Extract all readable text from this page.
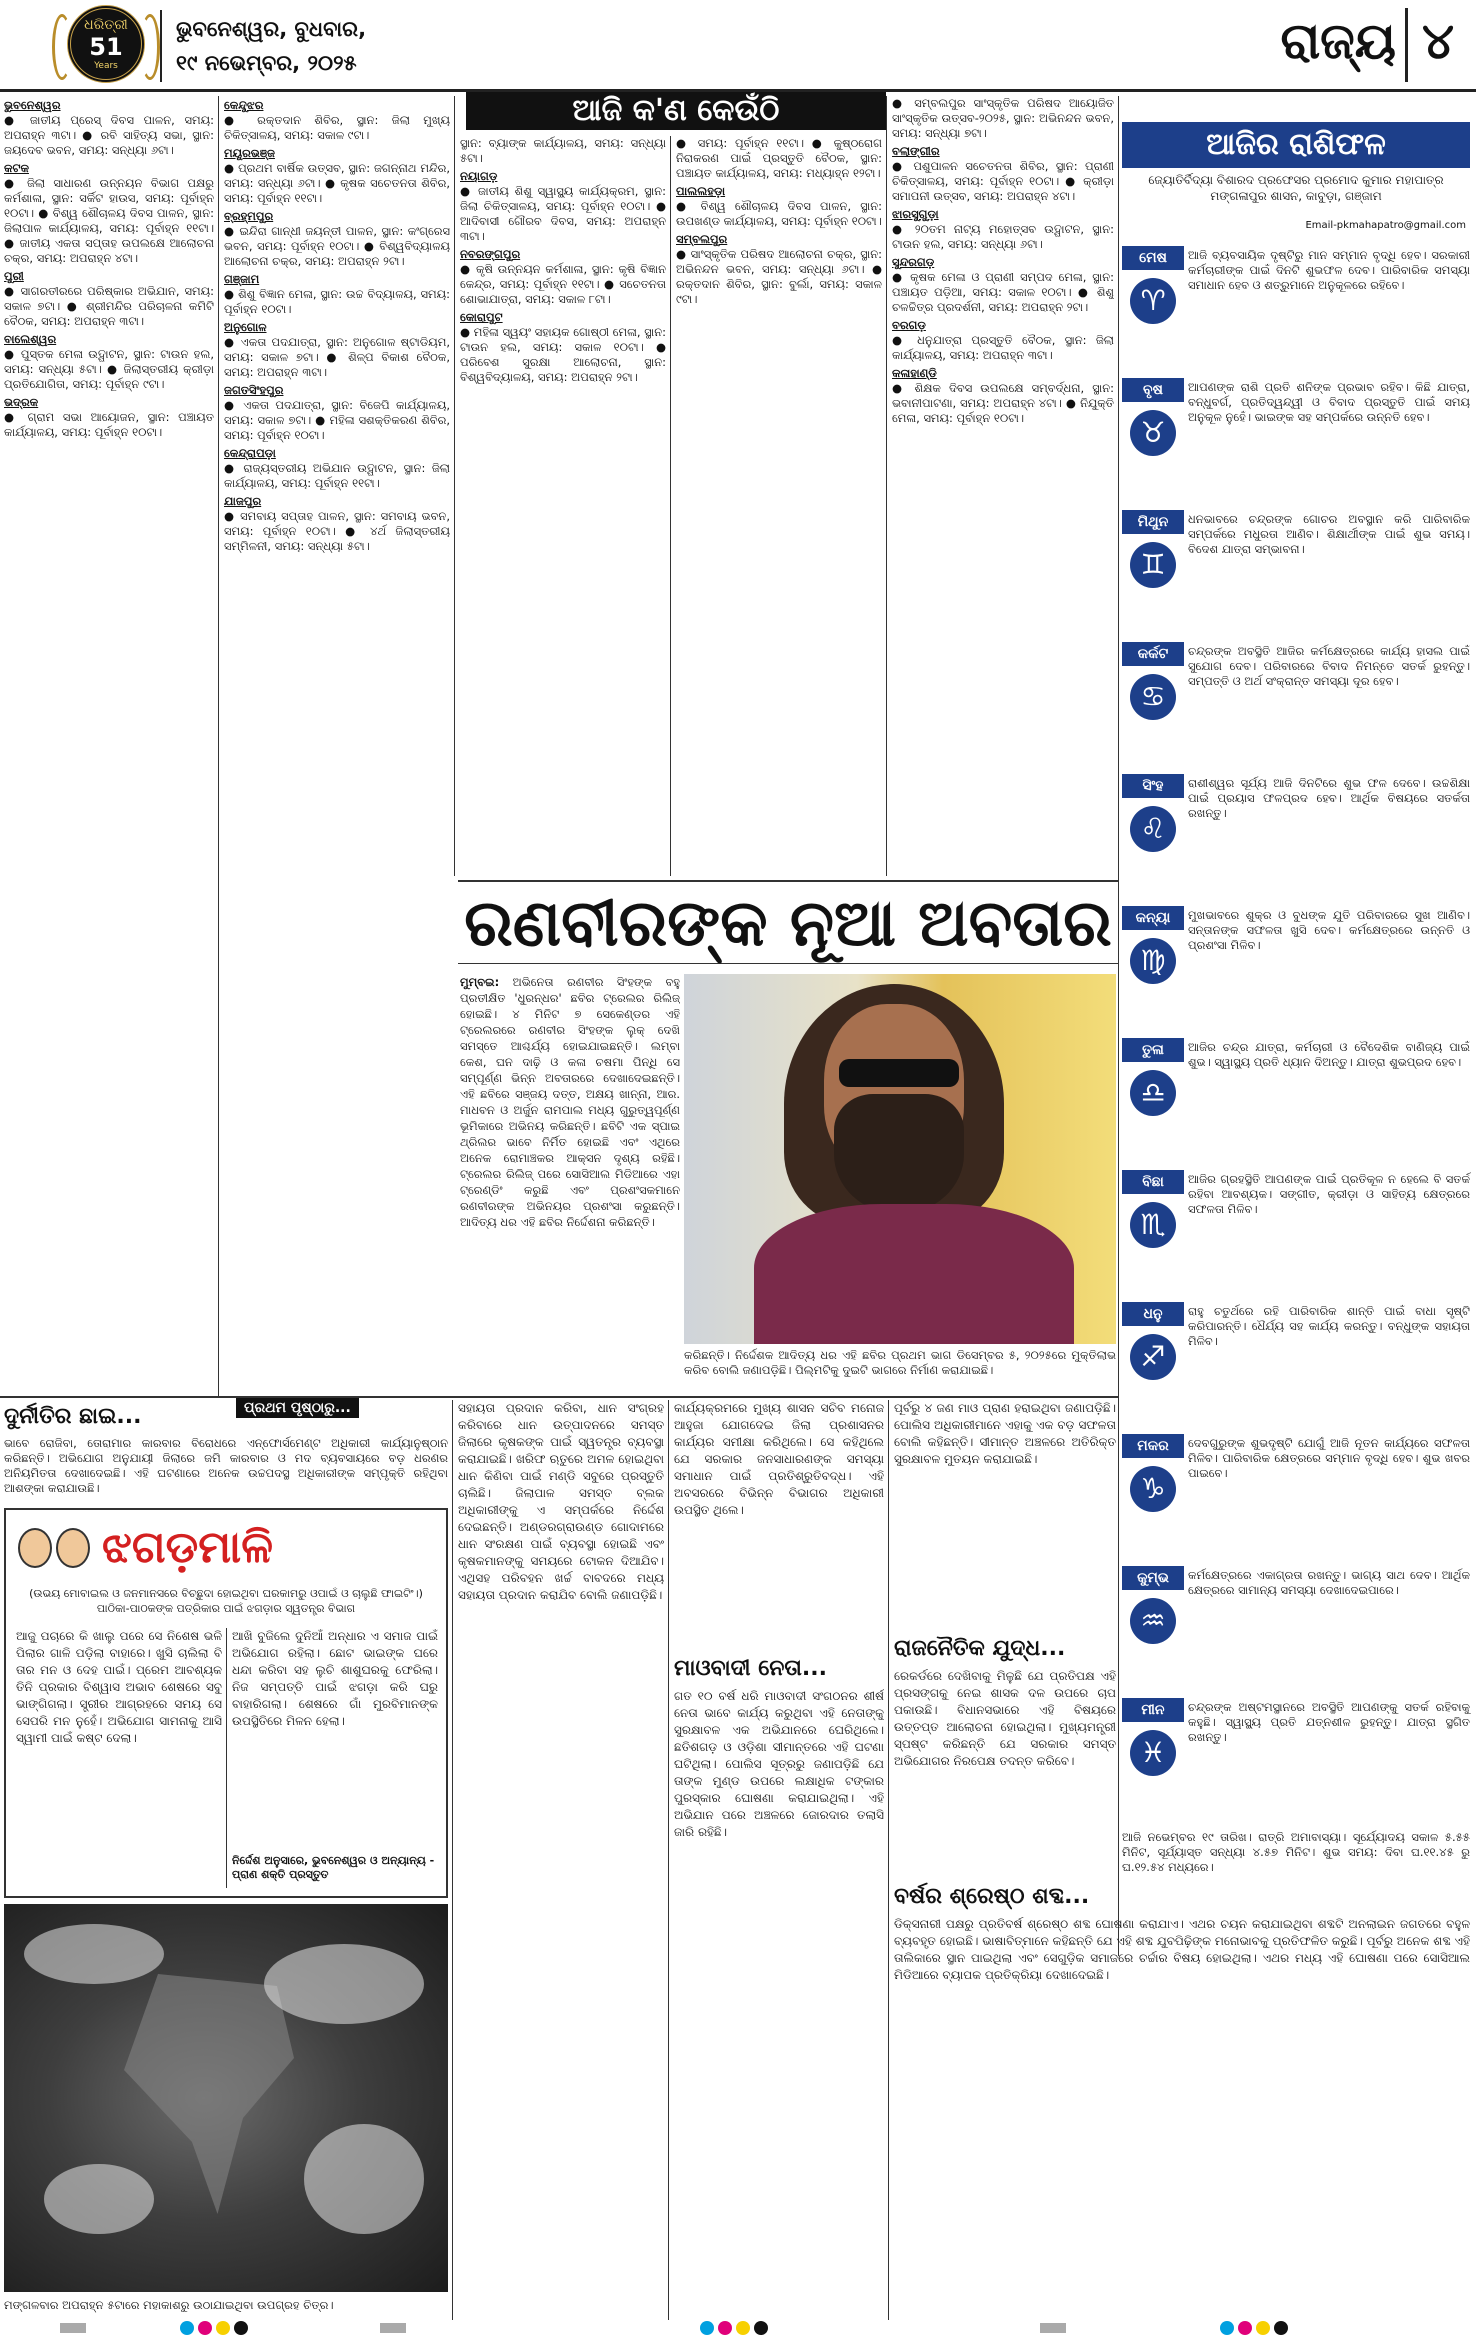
ଧରିତ୍ରୀ
51
Years
ଭୁବନେଶ୍ୱର, ବୁଧବାର,
୧୯ ନଭେମ୍ବର, ୨୦୨୫	ରାଜ୍ୟ ୪
ଆଜି କ'ଣ କେଉଁଠି
ଭୁବନେଶ୍ୱର

● ଜାତୀୟ ପ୍ରେସ୍ ଦିବସ ପାଳନ, ସମୟ: ଅପରାହ୍ନ ୩ଟା। ● ରବି ସାହିତ୍ୟ ସଭା, ସ୍ଥାନ: ଜୟଦେବ ଭବନ, ସମୟ: ସନ୍ଧ୍ୟା ୬ଟା।

କଟକ

● ଜିଲା ସାଧାରଣ ଉନ୍ନୟନ ବିଭାଗ ପକ୍ଷରୁ କର୍ମଶାଳା, ସ୍ଥାନ: ସର୍କିଟ ହାଉସ, ସମୟ: ପୂର୍ବାହ୍ନ ୧୦ଟା। ● ବିଶ୍ୱ ଶୌଚାଳୟ ଦିବସ ପାଳନ, ସ୍ଥାନ: ଜିଲାପାଳ କାର୍ଯ୍ୟାଳୟ, ସମୟ: ପୂର୍ବାହ୍ନ ୧୧ଟା। ● ଜାତୀୟ ଏକତା ସପ୍ତାହ ଉପଲକ୍ଷେ ଆଲୋଚନା ଚକ୍ର, ସମୟ: ଅପରାହ୍ନ ୪ଟା।

ପୁରୀ

● ସାଗରତୀରରେ ପରିଷ୍କାର ଅଭିଯାନ, ସମୟ: ସକାଳ ୭ଟା। ● ଶ୍ରୀମନ୍ଦିର ପରିଚାଳନା କମିଟି ବୈଠକ, ସମୟ: ଅପରାହ୍ନ ୩ଟା।

ବାଲେଶ୍ୱର

● ପୁସ୍ତକ ମେଳା ଉଦ୍ଘାଟନ, ସ୍ଥାନ: ଟାଉନ ହଲ, ସମୟ: ସନ୍ଧ୍ୟା ୫ଟା। ● ଜିଲାସ୍ତରୀୟ କ୍ରୀଡ଼ା ପ୍ରତିଯୋଗିତା, ସମୟ: ପୂର୍ବାହ୍ନ ୯ଟା।

ଭଦ୍ରକ

● ଗ୍ରାମ ସଭା ଆୟୋଜନ, ସ୍ଥାନ: ପଞ୍ଚାୟତ କାର୍ଯ୍ୟାଳୟ, ସମୟ: ପୂର୍ବାହ୍ନ ୧୦ଟା।

କେନ୍ଦୁଝର

● ରକ୍ତଦାନ ଶିବିର, ସ୍ଥାନ: ଜିଲା ମୁଖ୍ୟ ଚିକିତ୍ସାଳୟ, ସମୟ: ସକାଳ ୯ଟା।

ମୟୂରଭଞ୍ଜ

● ପ୍ରଥମ ବାର୍ଷିକ ଉତ୍ସବ, ସ୍ଥାନ: ଜଗନ୍ନାଥ ମନ୍ଦିର, ସମୟ: ସନ୍ଧ୍ୟା ୬ଟା। ● କୃଷକ ସଚେତନତା ଶିବିର, ସମୟ: ପୂର୍ବାହ୍ନ ୧୧ଟା।

ବ୍ରହ୍ମପୁର

● ଇନ୍ଦିରା ଗାନ୍ଧୀ ଜୟନ୍ତୀ ପାଳନ, ସ୍ଥାନ: କଂଗ୍ରେସ ଭବନ, ସମୟ: ପୂର୍ବାହ୍ନ ୧୦ଟା। ● ବିଶ୍ୱବିଦ୍ୟାଳୟ ଆଲୋଚନା ଚକ୍ର, ସମୟ: ଅପରାହ୍ନ ୨ଟା।

ଗଞ୍ଜାମ

● ଶିଶୁ ବିଜ୍ଞାନ ମେଳା, ସ୍ଥାନ: ଉଚ୍ଚ ବିଦ୍ୟାଳୟ, ସମୟ: ପୂର୍ବାହ୍ନ ୧୦ଟା।

ଅନୁଗୋଳ

● ଏକତା ପଦଯାତ୍ରା, ସ୍ଥାନ: ଅନୁଗୋଳ ଷ୍ଟାଡିୟମ, ସମୟ: ସକାଳ ୭ଟା। ● ଶିଳ୍ପ ବିକାଶ ବୈଠକ, ସମୟ: ଅପରାହ୍ନ ୩ଟା।

ଜଗତସିଂହପୁର

● ଏକତା ପଦଯାତ୍ରା, ସ୍ଥାନ: ବିଜେପି କାର୍ଯ୍ୟାଳୟ, ସମୟ: ସକାଳ ୭ଟା। ● ମହିଳା ସଶକ୍ତିକରଣ ଶିବିର, ସମୟ: ପୂର୍ବାହ୍ନ ୧୦ଟା।

କେନ୍ଦ୍ରାପଡ଼ା

● ରାଜ୍ୟସ୍ତରୀୟ ଅଭିଯାନ ଉଦ୍ଘାଟନ, ସ୍ଥାନ: ଜିଲା କାର୍ଯ୍ୟାଳୟ, ସମୟ: ପୂର୍ବାହ୍ନ ୧୧ଟା।

ଯାଜପୁର

● ସମବାୟ ସପ୍ତାହ ପାଳନ, ସ୍ଥାନ: ସମବାୟ ଭବନ, ସମୟ: ପୂର୍ବାହ୍ନ ୧୦ଟା। ● ୪ର୍ଥ ଜିଲାସ୍ତରୀୟ ସମ୍ମିଳନୀ, ସମୟ: ସନ୍ଧ୍ୟା ୫ଟା।

ସ୍ଥାନ: ବ୍ୟାଙ୍କ କାର୍ଯ୍ୟାଳୟ, ସମୟ: ସନ୍ଧ୍ୟା ୫ଟା।

ନୟାଗଡ଼

● ଜାତୀୟ ଶିଶୁ ସ୍ୱାସ୍ଥ୍ୟ କାର୍ଯ୍ୟକ୍ରମ, ସ୍ଥାନ: ଜିଲା ଚିକିତ୍ସାଳୟ, ସମୟ: ପୂର୍ବାହ୍ନ ୧୦ଟା। ● ଆଦିବାସୀ ଗୌରବ ଦିବସ, ସମୟ: ଅପରାହ୍ନ ୩ଟା।

ନବରଙ୍ଗପୁର

● କୃଷି ଉନ୍ନୟନ କର୍ମଶାଳା, ସ୍ଥାନ: କୃଷି ବିଜ୍ଞାନ କେନ୍ଦ୍ର, ସମୟ: ପୂର୍ବାହ୍ନ ୧୧ଟା। ● ସଚେତନତା ଶୋଭାଯାତ୍ରା, ସମୟ: ସକାଳ ୮ଟା।

କୋରାପୁଟ

● ମହିଳା ସ୍ୱୟଂ ସହାୟକ ଗୋଷ୍ଠୀ ମେଳା, ସ୍ଥାନ: ଟାଉନ ହଲ, ସମୟ: ସକାଳ ୧୦ଟା। ● ପରିବେଶ ସୁରକ୍ଷା ଆଲୋଚନା, ସ୍ଥାନ: ବିଶ୍ୱବିଦ୍ୟାଳୟ, ସମୟ: ଅପରାହ୍ନ ୨ଟା।

● ସମୟ: ପୂର୍ବାହ୍ନ ୧୧ଟା। ● କୁଷ୍ଠରୋଗ ନିରାକରଣ ପାଇଁ ପ୍ରସ୍ତୁତି ବୈଠକ, ସ୍ଥାନ: ପଞ୍ଚାୟତ କାର୍ଯ୍ୟାଳୟ, ସମୟ: ମଧ୍ୟାହ୍ନ ୧୨ଟା।

ପାଲଲହଡ଼ା

● ବିଶ୍ୱ ଶୌଚାଳୟ ଦିବସ ପାଳନ, ସ୍ଥାନ: ଉପଖଣ୍ଡ କାର୍ଯ୍ୟାଳୟ, ସମୟ: ପୂର୍ବାହ୍ନ ୧୦ଟା।

ସମ୍ବଲପୁର

● ସାଂସ୍କୃତିକ ପରିଷଦ ଆଲୋଚନା ଚକ୍ର, ସ୍ଥାନ: ଅଭିନନ୍ଦନ ଭବନ, ସମୟ: ସନ୍ଧ୍ୟା ୬ଟା। ● ରକ୍ତଦାନ ଶିବିର, ସ୍ଥାନ: ବୁର୍ଲା, ସମୟ: ସକାଳ ୯ଟା।

● ସମ୍ବଲପୁର ସାଂସ୍କୃତିକ ପରିଷଦ ଆୟୋଜିତ ସାଂସ୍କୃତିକ ଉତ୍ସବ-୨୦୨୫, ସ୍ଥାନ: ଅଭିନନ୍ଦନ ଭବନ, ସମୟ: ସନ୍ଧ୍ୟା ୭ଟା।

ବଲାଙ୍ଗୀର

● ପଶୁପାଳନ ସଚେତନତା ଶିବିର, ସ୍ଥାନ: ପ୍ରାଣୀ ଚିକିତ୍ସାଳୟ, ସମୟ: ପୂର୍ବାହ୍ନ ୧୦ଟା। ● କ୍ରୀଡ଼ା ସମାପନୀ ଉତ୍ସବ, ସମୟ: ଅପରାହ୍ନ ୪ଟା।

ଝାରସୁଗୁଡ଼ା

● ୨୦ତମ ନାଟ୍ୟ ମହୋତ୍ସବ ଉଦ୍ଘାଟନ, ସ୍ଥାନ: ଟାଉନ ହଲ, ସମୟ: ସନ୍ଧ୍ୟା ୬ଟା।

ସୁନ୍ଦରଗଡ଼

● କୃଷକ ମେଳା ଓ ପ୍ରାଣୀ ସମ୍ପଦ ମେଳା, ସ୍ଥାନ: ପଞ୍ଚାୟତ ପଡ଼ିଆ, ସମୟ: ସକାଳ ୧୦ଟା। ● ଶିଶୁ ଚଳଚ୍ଚିତ୍ର ପ୍ରଦର୍ଶନୀ, ସମୟ: ଅପରାହ୍ନ ୨ଟା।

ବରଗଡ଼

● ଧନୁଯାତ୍ରା ପ୍ରସ୍ତୁତି ବୈଠକ, ସ୍ଥାନ: ଜିଲା କାର୍ଯ୍ୟାଳୟ, ସମୟ: ଅପରାହ୍ନ ୩ଟା।

କଳାହାଣ୍ଡି

● ଶିକ୍ଷକ ଦିବସ ଉପଲକ୍ଷେ ସମ୍ବର୍ଦ୍ଧନା, ସ୍ଥାନ: ଭବାନୀପାଟଣା, ସମୟ: ଅପରାହ୍ନ ୪ଟା। ● ନିଯୁକ୍ତି ମେଳା, ସମୟ: ପୂର୍ବାହ୍ନ ୧୦ଟା।

ଆଜିର ରାଶିଫଳ
ଜ୍ୟୋତିର୍ବିଦ୍ୟା ବିଶାରଦ ପ୍ରଫେସର ପ୍ରମୋଦ କୁମାର ମହାପାତ୍ର
ମଙ୍ଗଳାପୁର ଶାସନ, କାବୁଡ଼ା, ଗଞ୍ଜାମ
Email-pkmahapatro@gmail.com
ମେଷ
♈
ଆଜି ବ୍ୟବସାୟିକ ଦୃଷ୍ଟିରୁ ମାନ ସମ୍ମାନ ବୃଦ୍ଧି ହେବ। ସରକାରୀ କର୍ମଚାରୀଙ୍କ ପାଇଁ ଦିନଟି ଶୁଭଫଳ ଦେବ। ପାରିବାରିକ ସମସ୍ୟା ସମାଧାନ ହେବ ଓ ଶତ୍ରୁମାନେ ଅନୁକୂଳରେ ରହିବେ।
ବୃଷ
♉
ଆପଣଙ୍କ ରାଶି ପ୍ରତି ଶନିଙ୍କ ପ୍ରଭାବ ରହିବ। କିଛି ଯାତ୍ରା, ବନ୍ଧୁବର୍ଗ, ପ୍ରତିଦ୍ୱନ୍ଦ୍ୱୀ ଓ ବିବାଦ ପ୍ରସ୍ତୁତି ପାଇଁ ସମୟ ଅନୁକୂଳ ନୁହେଁ। ଭାଇଙ୍କ ସହ ସମ୍ପର୍କରେ ଉନ୍ନତି ହେବ।
ମିଥୁନ
♊
ଧନଭାବରେ ଚନ୍ଦ୍ରଙ୍କ ଗୋଚର ଅବସ୍ଥାନ କରି ପାରିବାରିକ ସମ୍ପର୍କରେ ମଧୁରତା ଆଣିବ। ଶିକ୍ଷାର୍ଥୀଙ୍କ ପାଇଁ ଶୁଭ ସମୟ। ବିଦେଶ ଯାତ୍ରା ସମ୍ଭାବନା।
କର୍କଟ
♋
ଚନ୍ଦ୍ରଙ୍କ ଅବସ୍ଥିତି ଆଜିର କର୍ମକ୍ଷେତ୍ରରେ କାର୍ଯ୍ୟ ହାସଲ ପାଇଁ ସୁଯୋଗ ଦେବ। ପରିବାରରେ ବିବାଦ ନିମନ୍ତେ ସତର୍କ ରୁହନ୍ତୁ। ସମ୍ପତ୍ତି ଓ ଅର୍ଥ ସଂକ୍ରାନ୍ତ ସମସ୍ୟା ଦୂର ହେବ।
ସିଂହ
♌
ରାଶୀଶ୍ୱର ସୂର୍ଯ୍ୟ ଆଜି ଦିନଟିରେ ଶୁଭ ଫଳ ଦେବେ। ଉଚ୍ଚଶିକ୍ଷା ପାଇଁ ପ୍ରୟାସ ଫଳପ୍ରଦ ହେବ। ଆର୍ଥିକ ବିଷୟରେ ସତର୍କତା ରଖନ୍ତୁ।
କନ୍ୟା
♍
ମୁଖଭାବରେ ଶୁକ୍ର ଓ ବୁଧଙ୍କ ଯୁତି ପରିବାରରେ ସୁଖ ଆଣିବ। ସନ୍ତାନଙ୍କ ସଫଳତା ଖୁସି ଦେବ। କର୍ମକ୍ଷେତ୍ରରେ ଉନ୍ନତି ଓ ପ୍ରଶଂସା ମିଳିବ।
ତୁଳା
♎
ଆଜିର ଚନ୍ଦ୍ର ଯାତ୍ରା, କର୍ମଚାରୀ ଓ ବୈଦେଶିକ ବାଣିଜ୍ୟ ପାଇଁ ଶୁଭ। ସ୍ୱାସ୍ଥ୍ୟ ପ୍ରତି ଧ୍ୟାନ ଦିଅନ୍ତୁ। ଯାତ୍ରା ଶୁଭପ୍ରଦ ହେବ।
ବିଛା
♏
ଆଜିର ଗ୍ରହସ୍ଥିତି ଆପଣଙ୍କ ପାଇଁ ପ୍ରତିକୂଳ ନ ହେଲେ ବି ସତର୍କ ରହିବା ଆବଶ୍ୟକ। ସଙ୍ଗୀତ, କ୍ରୀଡ଼ା ଓ ସାହିତ୍ୟ କ୍ଷେତ୍ରରେ ସଫଳତା ମିଳିବ।
ଧନୁ
♐
ରାହୁ ଚତୁର୍ଥରେ ରହି ପାରିବାରିକ ଶାନ୍ତି ପାଇଁ ବାଧା ସୃଷ୍ଟି କରିପାରନ୍ତି। ଧୈର୍ଯ୍ୟ ସହ କାର୍ଯ୍ୟ କରନ୍ତୁ। ବନ୍ଧୁଙ୍କ ସହାୟତା ମିଳିବ।
ମକର
♑
ଦେବଗୁରୁଙ୍କ ଶୁଭଦୃଷ୍ଟି ଯୋଗୁଁ ଆଜି ନୂତନ କାର୍ଯ୍ୟରେ ସଫଳତା ମିଳିବ। ପାରିବାରିକ କ୍ଷେତ୍ରରେ ସମ୍ମାନ ବୃଦ୍ଧି ହେବ। ଶୁଭ ଖବର ପାଇବେ।
କୁମ୍ଭ
♒
କର୍ମକ୍ଷେତ୍ରରେ ଏକାଗ୍ରତା ରଖନ୍ତୁ। ଭାଗ୍ୟ ସାଥ ଦେବ। ଆର୍ଥିକ କ୍ଷେତ୍ରରେ ସାମାନ୍ୟ ସମସ୍ୟା ଦେଖାଦେଇପାରେ।
ମୀନ
♓
ଚନ୍ଦ୍ରଙ୍କ ଅଷ୍ଟମସ୍ଥାନରେ ଅବସ୍ଥିତି ଆପଣଙ୍କୁ ସତର୍କ ରହିବାକୁ କହୁଛି। ସ୍ୱାସ୍ଥ୍ୟ ପ୍ରତି ଯତ୍ନଶୀଳ ରୁହନ୍ତୁ। ଯାତ୍ରା ସ୍ଥଗିତ ରଖନ୍ତୁ।
ଆଜି ନଭେମ୍ବର ୧୯ ତାରିଖ। ରାତ୍ରି ଅମାବାସ୍ୟା। ସୂର୍ଯ୍ୟୋଦୟ ସକାଳ ୫.୫୫ ମିନିଟ, ସୂର୍ଯ୍ୟାସ୍ତ ସନ୍ଧ୍ୟା ୪.୫୭ ମିନିଟ। ଶୁଭ ସମୟ: ଦିବା ଘ.୧୧.୪୫ ରୁ ଘ.୧୨.୫୪ ମଧ୍ୟରେ।
ରଣବୀରଙ୍କ ନୂଆ ଅବତାର
ମୁମ୍ବଇ: ଅଭିନେତା ରଣବୀର ସିଂହଙ୍କ ବହୁ ପ୍ରତୀକ୍ଷିତ 'ଧୁରନ୍ଧର' ଛବିର ଟ୍ରେଲର ରିଲିଜ୍ ହୋଇଛି। ୪ ମିନିଟ ୭ ସେକେଣ୍ଡର ଏହି ଟ୍ରେଲରରେ ରଣବୀର ସିଂହଙ୍କ ଲୁକ୍ ଦେଖି ସମସ୍ତେ ଆଶ୍ଚର୍ଯ୍ୟ ହୋଇଯାଇଛନ୍ତି। ଲମ୍ବା କେଶ, ଘନ ଦାଢ଼ି ଓ କଳା ଚଷମା ପିନ୍ଧି ସେ ସମ୍ପୂର୍ଣ୍ଣ ଭିନ୍ନ ଅବତାରରେ ଦେଖାଦେଇଛନ୍ତି। ଏହି ଛବିରେ ସଞ୍ଜୟ ଦତ୍ତ, ଅକ୍ଷୟ ଖାନ୍ନା, ଆର. ମାଧବନ ଓ ଅର୍ଜୁନ ରାମପାଲ ମଧ୍ୟ ଗୁରୁତ୍ୱପୂର୍ଣ୍ଣ ଭୂମିକାରେ ଅଭିନୟ କରିଛନ୍ତି। ଛବିଟି ଏକ ସ୍ପାଇ ଥ୍ରିଲର ଭାବେ ନିର୍ମିତ ହୋଇଛି ଏବଂ ଏଥିରେ ଅନେକ ରୋମାଞ୍ଚକର ଆକ୍ସନ ଦୃଶ୍ୟ ରହିଛି। ଟ୍ରେଲର ରିଲିଜ୍ ପରେ ସୋସିଆଲ ମିଡିଆରେ ଏହା ଟ୍ରେଣ୍ଡିଂ କରୁଛି ଏବଂ ପ୍ରଶଂସକମାନେ ରଣବୀରଙ୍କ ଅଭିନୟର ପ୍ରଶଂସା କରୁଛନ୍ତି। ଆଦିତ୍ୟ ଧର ଏହି ଛବିର ନିର୍ଦ୍ଦେଶନା କରିଛନ୍ତି।
କରିଛନ୍ତି। ନିର୍ଦ୍ଦେଶକ ଆଦିତ୍ୟ ଧର ଏହି ଛବିର ପ୍ରଥମ ଭାଗ ଡିସେମ୍ବର ୫, ୨୦୨୫ରେ ମୁକ୍ତିଲାଭ କରିବ ବୋଲି ଜଣାପଡ଼ିଛି। ପିଲ୍ମଟିକୁ ଦୁଇଟି ଭାଗରେ ନିର୍ମାଣ କରାଯାଇଛି।
ଦୁର୍ନୀତିର ଛାଇ...	ପ୍ରଥମ ପୃଷ୍ଠାରୁ...
ଭାବେ ରୋଜିବା, ତୋରାମାର କାରବାର ବିରୋଧରେ ଏନ୍ଫୋର୍ସମେଣ୍ଟ ଅଧିକାରୀ କାର୍ଯ୍ୟାନୁଷ୍ଠାନ କରିଛନ୍ତି। ଅଭିଯୋଗ ଅନୁଯାୟୀ ଜିଲାରେ ଜମି କାରବାର ଓ ମଦ ବ୍ୟବସାୟରେ ବଡ଼ ଧରଣର ଅନିୟମିତତା ଦେଖାଦେଇଛି। ଏହି ଘଟଣାରେ ଅନେକ ଉଚ୍ଚପଦସ୍ଥ ଅଧିକାରୀଙ୍କ ସମ୍ପୃକ୍ତି ରହିଥିବା ଆଶଙ୍କା କରାଯାଉଛି।
ସହାୟତା ପ୍ରଦାନ କରିବା, ଧାନ ସଂଗ୍ରହ କରିବାରେ ଧାନ ଉତ୍ପାଦନରେ ସମସ୍ତ ଜିଲାରେ କୃଷକଙ୍କ ପାଇଁ ସ୍ୱତନ୍ତ୍ର ବ୍ୟବସ୍ଥା କରାଯାଇଛି। ଖରିଫ ଋତୁରେ ଅମଳ ହୋଇଥିବା ଧାନ କିଣିବା ପାଇଁ ମଣ୍ଡି ସବୁରେ ପ୍ରସ୍ତୁତି ଚାଲିଛି। ଜିଲାପାଳ ସମସ୍ତ ବ୍ଲକ ଅଧିକାରୀଙ୍କୁ ଏ ସମ୍ପର୍କରେ ନିର୍ଦ୍ଦେଶ ଦେଇଛନ୍ତି। ଅଣ୍ଡରଗ୍ରାଉଣ୍ଡ ଗୋଦାମରେ ଧାନ ସଂରକ୍ଷଣ ପାଇଁ ବ୍ୟବସ୍ଥା ହୋଇଛି ଏବଂ କୃଷକମାନଙ୍କୁ ସମୟରେ ଟୋକନ ଦିଆଯିବ। ଏଥିସହ ପରିବହନ ଖର୍ଚ୍ଚ ବାବଦରେ ମଧ୍ୟ ସହାୟତା ପ୍ରଦାନ କରାଯିବ ବୋଲି ଜଣାପଡ଼ିଛି।
କାର୍ଯ୍ୟକ୍ରମରେ ମୁଖ୍ୟ ଶାସନ ସଚିବ ମନୋଜ ଆହୁଜା ଯୋଗଦେଇ ଜିଲା ପ୍ରଶାସନର କାର୍ଯ୍ୟର ସମୀକ୍ଷା କରିଥିଲେ। ସେ କହିଥିଲେ ଯେ ସରକାର ଜନସାଧାରଣଙ୍କ ସମସ୍ୟା ସମାଧାନ ପାଇଁ ପ୍ରତିଶ୍ରୁତିବଦ୍ଧ। ଏହି ଅବସରରେ ବିଭିନ୍ନ ବିଭାଗର ଅଧିକାରୀ ଉପସ୍ଥିତ ଥିଲେ।
ମାଓବାଦୀ ନେତା...
ଗତ ୧୦ ବର୍ଷ ଧରି ମାଓବାଦୀ ସଂଗଠନର ଶୀର୍ଷ ନେତା ଭାବେ କାର୍ଯ୍ୟ କରୁଥିବା ଏହି ନେତାଙ୍କୁ ସୁରକ୍ଷାବଳ ଏକ ଅଭିଯାନରେ ଘେରିଥିଲେ। ଛତିଶଗଡ଼ ଓ ଓଡ଼ିଶା ସୀମାନ୍ତରେ ଏହି ଘଟଣା ଘଟିଥିଲା। ପୋଲିସ ସୂତ୍ରରୁ ଜଣାପଡ଼ିଛି ଯେ ତାଙ୍କ ମୁଣ୍ଡ ଉପରେ ଲକ୍ଷାଧିକ ଟଙ୍କାର ପୁରସ୍କାର ଘୋଷଣା କରାଯାଇଥିଲା। ଏହି ଅଭିଯାନ ପରେ ଅଞ୍ଚଳରେ ଜୋରଦାର ତଲାସି ଜାରି ରହିଛି।
ପୂର୍ବରୁ ୪ ଜଣ ମାଓ ପ୍ରାଣ ହରାଇଥିବା ଜଣାପଡ଼ିଛି। ପୋଲିସ ଅଧିକାରୀମାନେ ଏହାକୁ ଏକ ବଡ଼ ସଫଳତା ବୋଲି କହିଛନ୍ତି। ସୀମାନ୍ତ ଅଞ୍ଚଳରେ ଅତିରିକ୍ତ ସୁରକ୍ଷାବଳ ମୁତୟନ କରାଯାଇଛି।
ରାଜନୈତିକ ଯୁଦ୍ଧ...
ରେକର୍ଡରେ ଦେଖିବାକୁ ମିଳୁଛି ଯେ ପ୍ରତିପକ୍ଷ ଏହି ପ୍ରସଙ୍ଗକୁ ନେଇ ଶାସକ ଦଳ ଉପରେ ଚାପ ପକାଉଛି। ବିଧାନସଭାରେ ଏହି ବିଷୟରେ ଉତ୍ତପ୍ତ ଆଲୋଚନା ହୋଇଥିଲା। ମୁଖ୍ୟମନ୍ତ୍ରୀ ସ୍ପଷ୍ଟ କରିଛନ୍ତି ଯେ ସରକାର ସମସ୍ତ ଅଭିଯୋଗର ନିରପେକ୍ଷ ତଦନ୍ତ କରିବେ।
ବର୍ଷର ଶ୍ରେଷ୍ଠ ଶବ୍ଦ...
ଡିକ୍ସନାରୀ ପକ୍ଷରୁ ପ୍ରତିବର୍ଷ ଶ୍ରେଷ୍ଠ ଶବ୍ଦ ଘୋଷଣା କରାଯାଏ। ଏଥର ଚୟନ କରାଯାଇଥିବା ଶବ୍ଦଟି ଅନଲାଇନ ଜଗତରେ ବହୁଳ ବ୍ୟବହୃତ ହୋଇଛି। ଭାଷାବିତ୍ମାନେ କହିଛନ୍ତି ଯେ ଏହି ଶବ୍ଦ ଯୁବପିଢ଼ିଙ୍କ ମନୋଭାବକୁ ପ୍ରତିଫଳିତ କରୁଛି। ପୂର୍ବରୁ ଅନେକ ଶବ୍ଦ ଏହି ତାଲିକାରେ ସ୍ଥାନ ପାଇଥିଲା ଏବଂ ସେଗୁଡ଼ିକ ସମାଜରେ ଚର୍ଚ୍ଚାର ବିଷୟ ହୋଇଥିଲା। ଏଥର ମଧ୍ୟ ଏହି ଘୋଷଣା ପରେ ସୋସିଆଲ ମିଡିଆରେ ବ୍ୟାପକ ପ୍ରତିକ୍ରିୟା ଦେଖାଦେଇଛି।
ଝଗଡ଼ମାଳି
(ଉଭୟ ମୋବାଇଲ ଓ ଜନମାନସରେ ବିଚ୍ଛୁଦା ହୋଇଥିବା ଘରକାମରୁ ଓପାଇଁ ଓ ଚାଲୁଛି ଫାଇଟିଂ।) ପାଠିକା-ପାଠକଙ୍କ ପତ୍ରିକାର ପାଇଁ ଝଗଡ଼ାର ସ୍ୱତନ୍ତ୍ର ବିଭାଗ
ଆଜୁ ପଚାରେ କି ଖାଲୁ ପରେ ସେ ନିଶେଷ ଭଳି ପିଲାର ଗାଳି ପଡ଼ିଲା ବାହାରେ। ଖୁସି ଚାଲିଲା ବି ତାର ମନ ଓ ଦେହ ପାଇଁ। ପ୍ରେମ ଆବଶ୍ୟକ ତିନି ପ୍ରକାର ବିଶ୍ୱାସ ଅଭାବ ଶେଷରେ ସବୁ ଭାଙ୍ଗିଗଲା। ସ୍ତ୍ରୀର ଆଗ୍ରହରେ ସମୟ ସେ ସେପରି ମନ ନୁହେଁ। ଅଭିଯୋଗ ସାମନାକୁ ଆସି ସ୍ୱାମୀ ପାଇଁ କଷ୍ଟ ଦେଲା।
ଆଖି ବୁଜିଲେ ଦୁନିଆଁ ଅନ୍ଧାର ଏ ସମାଜ ପାଇଁ ଅଭିଯୋଗ ରହିଲା। ଛୋଟ ଭାଇଙ୍କ ଘରେ ଧନ୍ଦା କରିବା ସହ ଲୁଚି ଶାଶୁଘରକୁ ଫେରିଲା। ନିଜ ସମ୍ପତ୍ତି ପାଇଁ ଝଗଡ଼ା କରି ଘରୁ ବାହାରିଗଲା। ଶେଷରେ ଗାଁ ମୁରବିମାନଙ୍କ ଉପସ୍ଥିତିରେ ମିଳନ ହେଲା।
ନିର୍ଦ୍ଦେଶ ଅନୁସାରେ, ଭୁବନେଶ୍ୱର ଓ ଅନ୍ୟାନ୍ୟ - ପ୍ରାଣ ଶକ୍ତି ପ୍ରସ୍ତୁତ
ମଙ୍ଗଳବାର ଅପରାହ୍ନ ୫ଟାରେ ମହାକାଶରୁ ଉଠାଯାଇଥିବା ଉପଗ୍ରହ ଚିତ୍ର।
